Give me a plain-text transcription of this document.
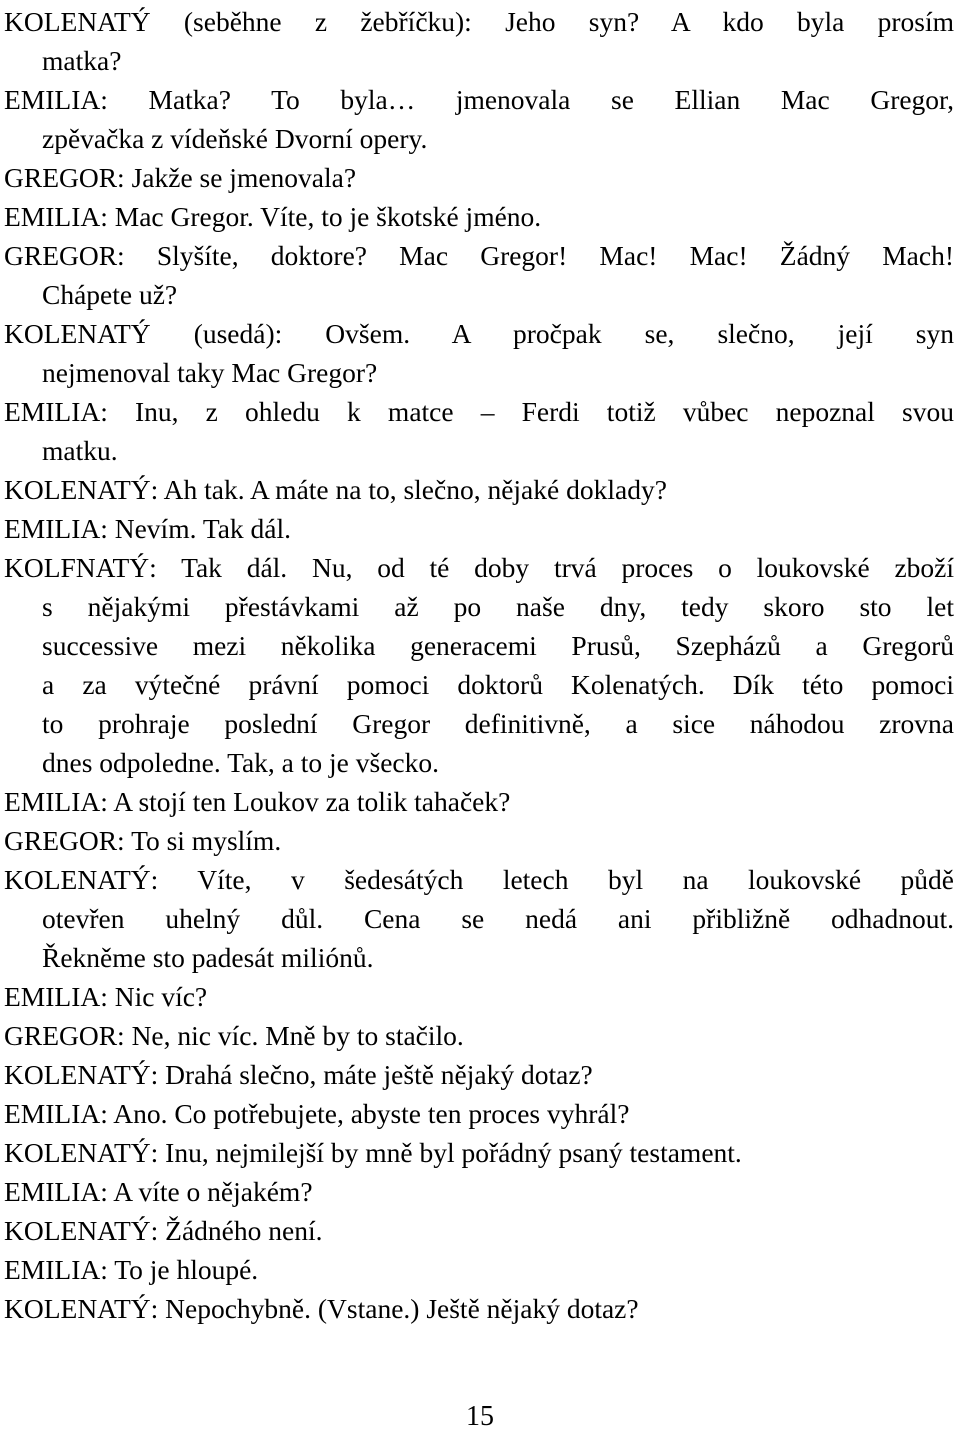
KOLENATÝ (seběhne z žebříčku): Jeho syn? A kdo byla prosím
matka?
EMILIA: Matka? To byla… jmenovala se Ellian Mac Gregor,
zpěvačka z vídeňské Dvorní opery.
GREGOR: Jakže se jmenovala?
EMILIA: Mac Gregor. Víte, to je škotské jméno.
GREGOR: Slyšíte, doktore? Mac Gregor! Mac! Mac! Žádný Mach!
Chápete už?
KOLENATÝ (usedá): Ovšem. A pročpak se, slečno, její syn
nejmenoval taky Mac Gregor?
EMILIA: Inu, z ohledu k matce – Ferdi totiž vůbec nepoznal svou
matku.
KOLENATÝ: Ah tak. A máte na to, slečno, nějaké doklady?
EMILIA: Nevím. Tak dál.
KOLFNATÝ: Tak dál. Nu, od té doby trvá proces o loukovské zboží
s nějakými přestávkami až po naše dny, tedy skoro sto let
successive mezi několika generacemi Prusů, Szepházů a Gregorů
a za výtečné právní pomoci doktorů Kolenatých. Dík této pomoci
to prohraje poslední Gregor definitivně, a sice náhodou zrovna
dnes odpoledne. Tak, a to je všecko.
EMILIA: A stojí ten Loukov za tolik tahaček?
GREGOR: To si myslím.
KOLENATÝ: Víte, v šedesátých letech byl na loukovské půdě
otevřen uhelný důl. Cena se nedá ani přibližně odhadnout.
Řekněme sto padesát miliónů.
EMILIA: Nic víc?
GREGOR: Ne, nic víc. Mně by to stačilo.
KOLENATÝ: Drahá slečno, máte ještě nějaký dotaz?
EMILIA: Ano. Co potřebujete, abyste ten proces vyhrál?
KOLENATÝ: Inu, nejmilejší by mně byl pořádný psaný testament.
EMILIA: A víte o nějakém?
KOLENATÝ: Žádného není.
EMILIA: To je hloupé.
KOLENATÝ: Nepochybně. (Vstane.) Ještě nějaký dotaz?
15
